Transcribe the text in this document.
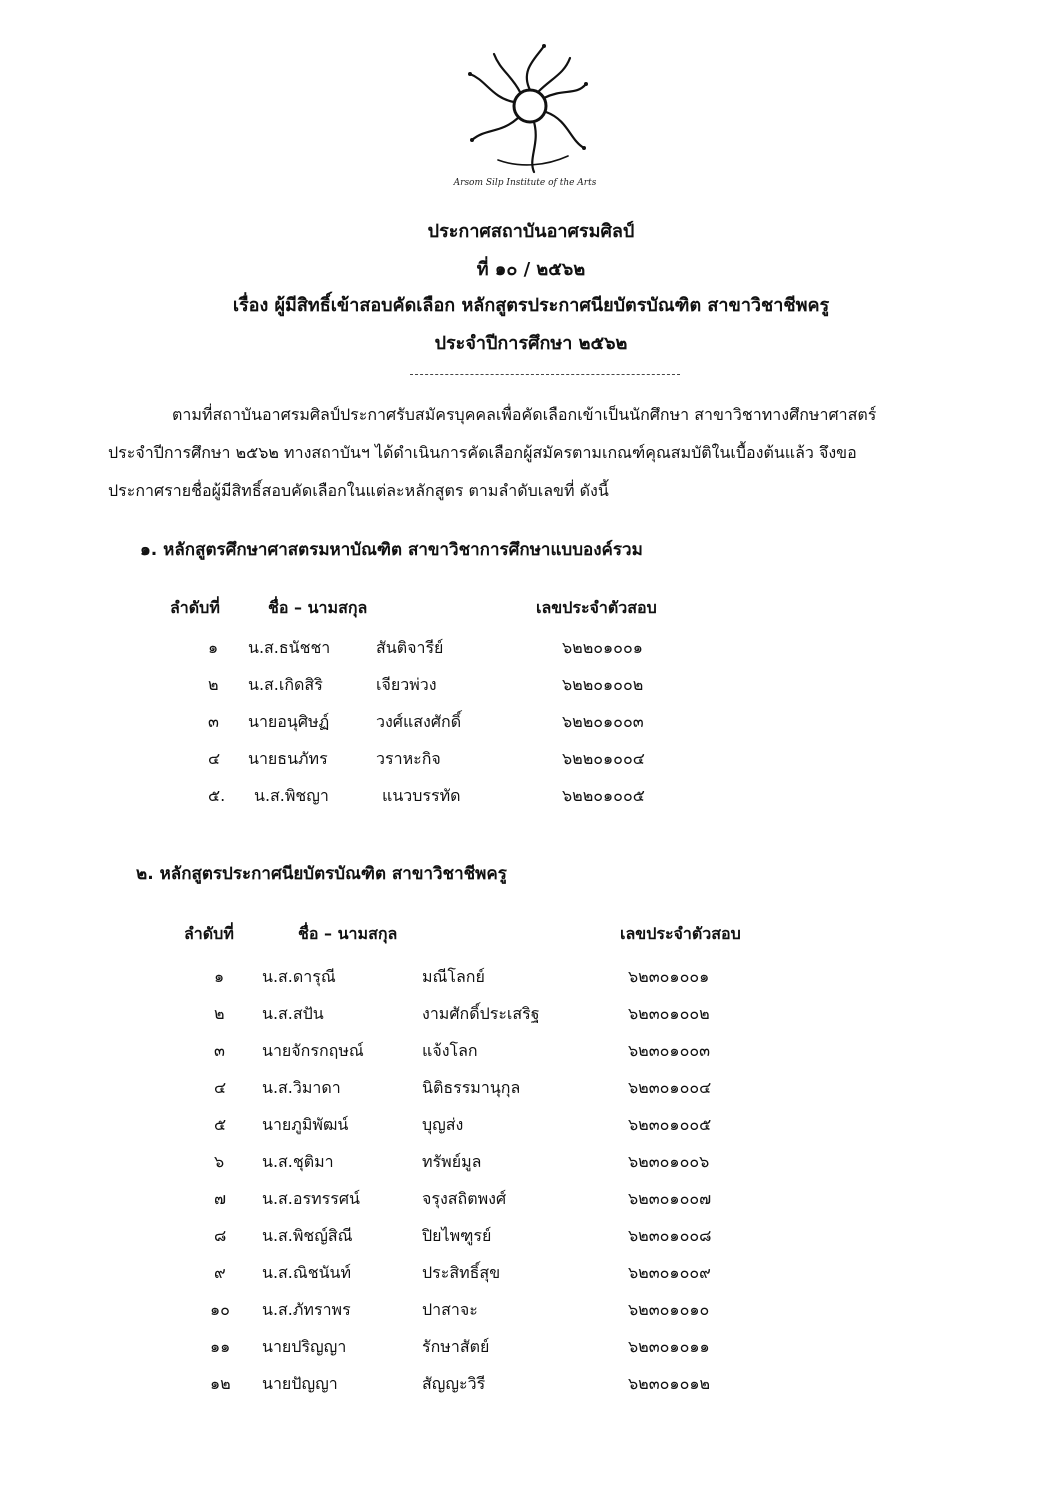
Arsom Silp Institute of the Arts
ประกาศสถาบันอาศรมศิลป์
ที่ ๑๐ / ๒๕๖๒
เรื่อง ผู้มีสิทธิ์เข้าสอบคัดเลือก หลักสูตรประกาศนียบัตรบัณฑิต สาขาวิชาชีพครู
ประจำปีการศึกษา ๒๕๖๒
ตามที่สถาบันอาศรมศิลป์ประกาศรับสมัครบุคคลเพื่อคัดเลือกเข้าเป็นนักศึกษา สาขาวิชาทางศึกษาศาสตร์
ประจำปีการศึกษา ๒๕๖๒ ทางสถาบันฯ ได้ดำเนินการคัดเลือกผู้สมัครตามเกณฑ์คุณสมบัติในเบื้องต้นแล้ว จึงขอ
ประกาศรายชื่อผู้มีสิทธิ์สอบคัดเลือกในแต่ละหลักสูตร ตามลำดับเลขที่ ดังนี้
๑. หลักสูตรศึกษาศาสตรมหาบัณฑิต สาขาวิชาการศึกษาแบบองค์รวม
ลำดับที่	ชื่อ – นามสกุล	เลขประจำตัวสอบ
๑ น.ส.ธนัชชา	สันติจารีย์	๖๒๒๐๑๐๐๑
๒ น.ส.เกิดสิริ	เจียวพ่วง	๖๒๒๐๑๐๐๒
๓ นายอนุศิษฏ์	วงศ์แสงศักดิ์	๖๒๒๐๑๐๐๓
๔ นายธนภัทร	วราหะกิจ	๖๒๒๐๑๐๐๔
๕. น.ส.พิชญา	แนวบรรทัด	๖๒๒๐๑๐๐๕
๒. หลักสูตรประกาศนียบัตรบัณฑิต สาขาวิชาชีพครู
ลำดับที่	ชื่อ – นามสกุล	เลขประจำตัวสอบ
๑ น.ส.ดารุณี	มณีโลกย์	๖๒๓๐๑๐๐๑
๒ น.ส.สปัน	งามศักดิ์ประเสริฐ	๖๒๓๐๑๐๐๒
๓ นายจักรกฤษณ์	แจ้งโลก	๖๒๓๐๑๐๐๓
๔ น.ส.วิมาดา	นิติธรรมานุกุล	๖๒๓๐๑๐๐๔
๕ นายภูมิพัฒน์	บุญส่ง	๖๒๓๐๑๐๐๕
๖ น.ส.ชุติมา	ทรัพย์มูล	๖๒๓๐๑๐๐๖
๗ น.ส.อรทรรศน์	จรุงสถิตพงศ์	๖๒๓๐๑๐๐๗
๘ น.ส.พิชญ์สิณี	ปิยไพฑูรย์	๖๒๓๐๑๐๐๘
๙ น.ส.ณิชนันท์	ประสิทธิ์สุข	๖๒๓๐๑๐๐๙
๑๐ น.ส.ภัทราพร	ปาสาจะ	๖๒๓๐๑๐๑๐
๑๑ นายปริญญา	รักษาสัตย์	๖๒๓๐๑๐๑๑
๑๒ นายปัญญา	สัญญะวิรี	๖๒๓๐๑๐๑๒
